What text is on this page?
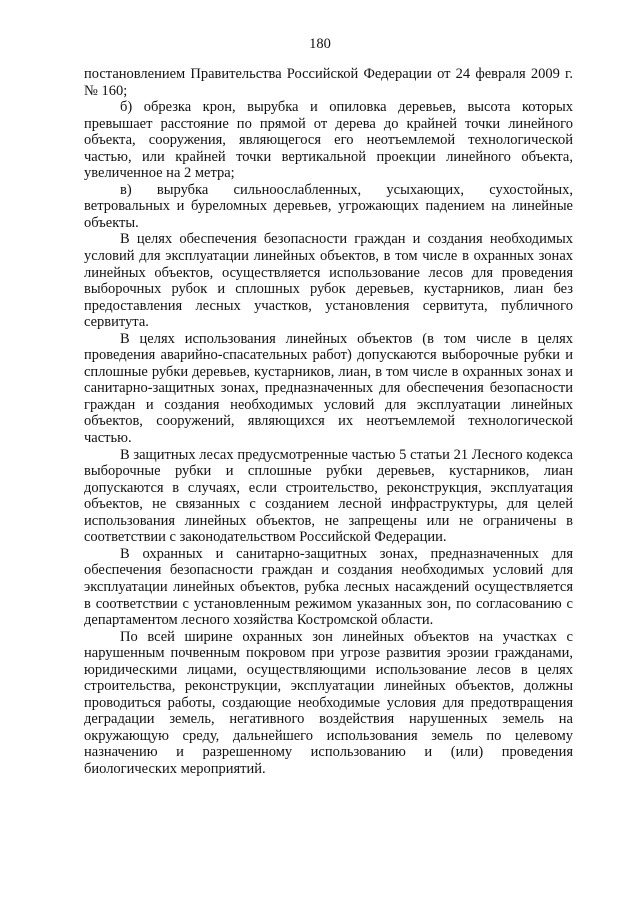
180

постановлением Правительства Российской Федерации от 24 февраля 2009 г. № 160;

б) обрезка крон, вырубка и опиловка деревьев, высота которых превышает расстояние по прямой от дерева до крайней точки линейного объекта, сооружения, являющегося его неотъемлемой технологической частью, или крайней точки вертикальной проекции линейного объекта, увеличенное на 2 метра;

в) вырубка сильноослабленных, усыхающих, сухостойных, ветровальных и буреломных деревьев, угрожающих падением на линейные объекты.

В целях обеспечения безопасности граждан и создания необходимых условий для эксплуатации линейных объектов, в том числе в охранных зонах линейных объектов, осуществляется использование лесов для проведения выборочных рубок и сплошных рубок деревьев, кустарников, лиан без предоставления лесных участков, установления сервитута, публичного сервитута.

В целях использования линейных объектов (в том числе в целях проведения аварийно-спасательных работ) допускаются выборочные рубки и сплошные рубки деревьев, кустарников, лиан, в том числе в охранных зонах и санитарно-защитных зонах, предназначенных для обеспечения безопасности граждан и создания необходимых условий для эксплуатации линейных объектов, сооружений, являющихся их неотъемлемой технологической частью.

В защитных лесах предусмотренные частью 5 статьи 21 Лесного кодекса выборочные рубки и сплошные рубки деревьев, кустарников, лиан допускаются в случаях, если строительство, реконструкция, эксплуатация объектов, не связанных с созданием лесной инфраструктуры, для целей использования линейных объектов, не запрещены или не ограничены в соответствии с законодательством Российской Федерации.

В охранных и санитарно-защитных зонах, предназначенных для обеспечения безопасности граждан и создания необходимых условий для эксплуатации линейных объектов, рубка лесных насаждений осуществляется в соответствии с установленным режимом указанных зон, по согласованию с департаментом лесного хозяйства Костромской области.

По всей ширине охранных зон линейных объектов на участках с нарушенным почвенным покровом при угрозе развития эрозии гражданами, юридическими лицами, осуществляющими использование лесов в целях строительства, реконструкции, эксплуатации линейных объектов, должны проводиться работы, создающие необходимые условия для предотвращения деградации земель, негативного воздействия нарушенных земель на окружающую среду, дальнейшего использования земель по целевому назначению и разрешенному использованию и (или) проведения биологических мероприятий.
